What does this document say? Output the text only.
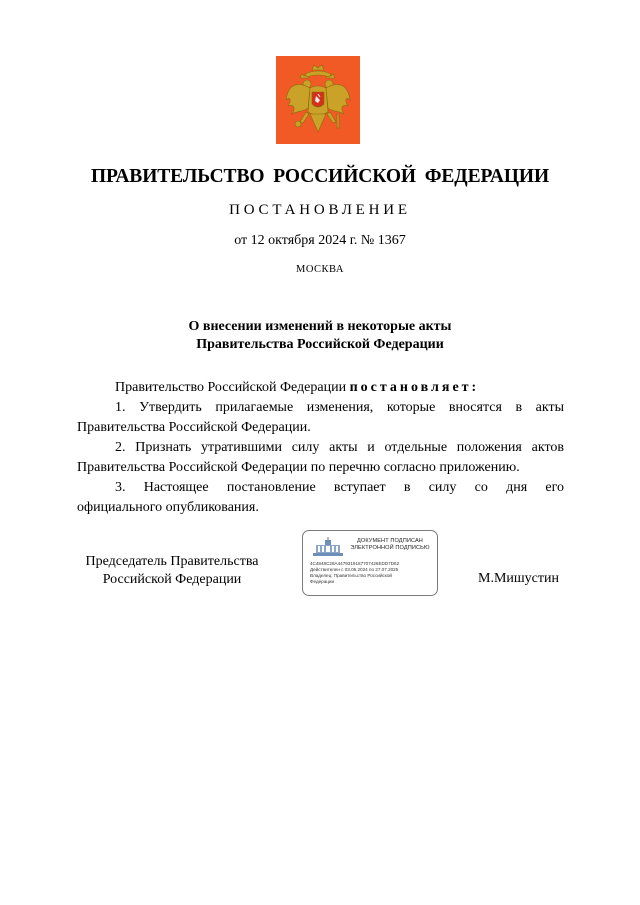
ПРАВИТЕЛЬСТВО РОССИЙСКОЙ ФЕДЕРАЦИИ
ПОСТАНОВЛЕНИЕ
от 12 октября 2024 г. № 1367
МОСКВА
О внесении изменений в некоторые акты
Правительства Российской Федерации

Правительство Российской Федерации постановляет:

1. Утвердить прилагаемые изменения, которые вносятся в акты

Правительства Российской Федерации.

2. Признать утратившими силу акты и отдельные положения актов

Правительства Российской Федерации по перечню согласно приложению.

3. Настоящее постановление вступает в силу со дня его

официального опубликования.

Председатель Правительства
Российской Федерации
ДОКУМЕНТ ПОДПИСАН
ЭЛЕКТРОННОЙ ПОДПИСЬЮ
4C4848C28A4479319187707426EDD7D62
Действителен с 03.05.2024 по 27.07.2025
Владелец: Правительство Российской
Федерации	М.Мишустин
